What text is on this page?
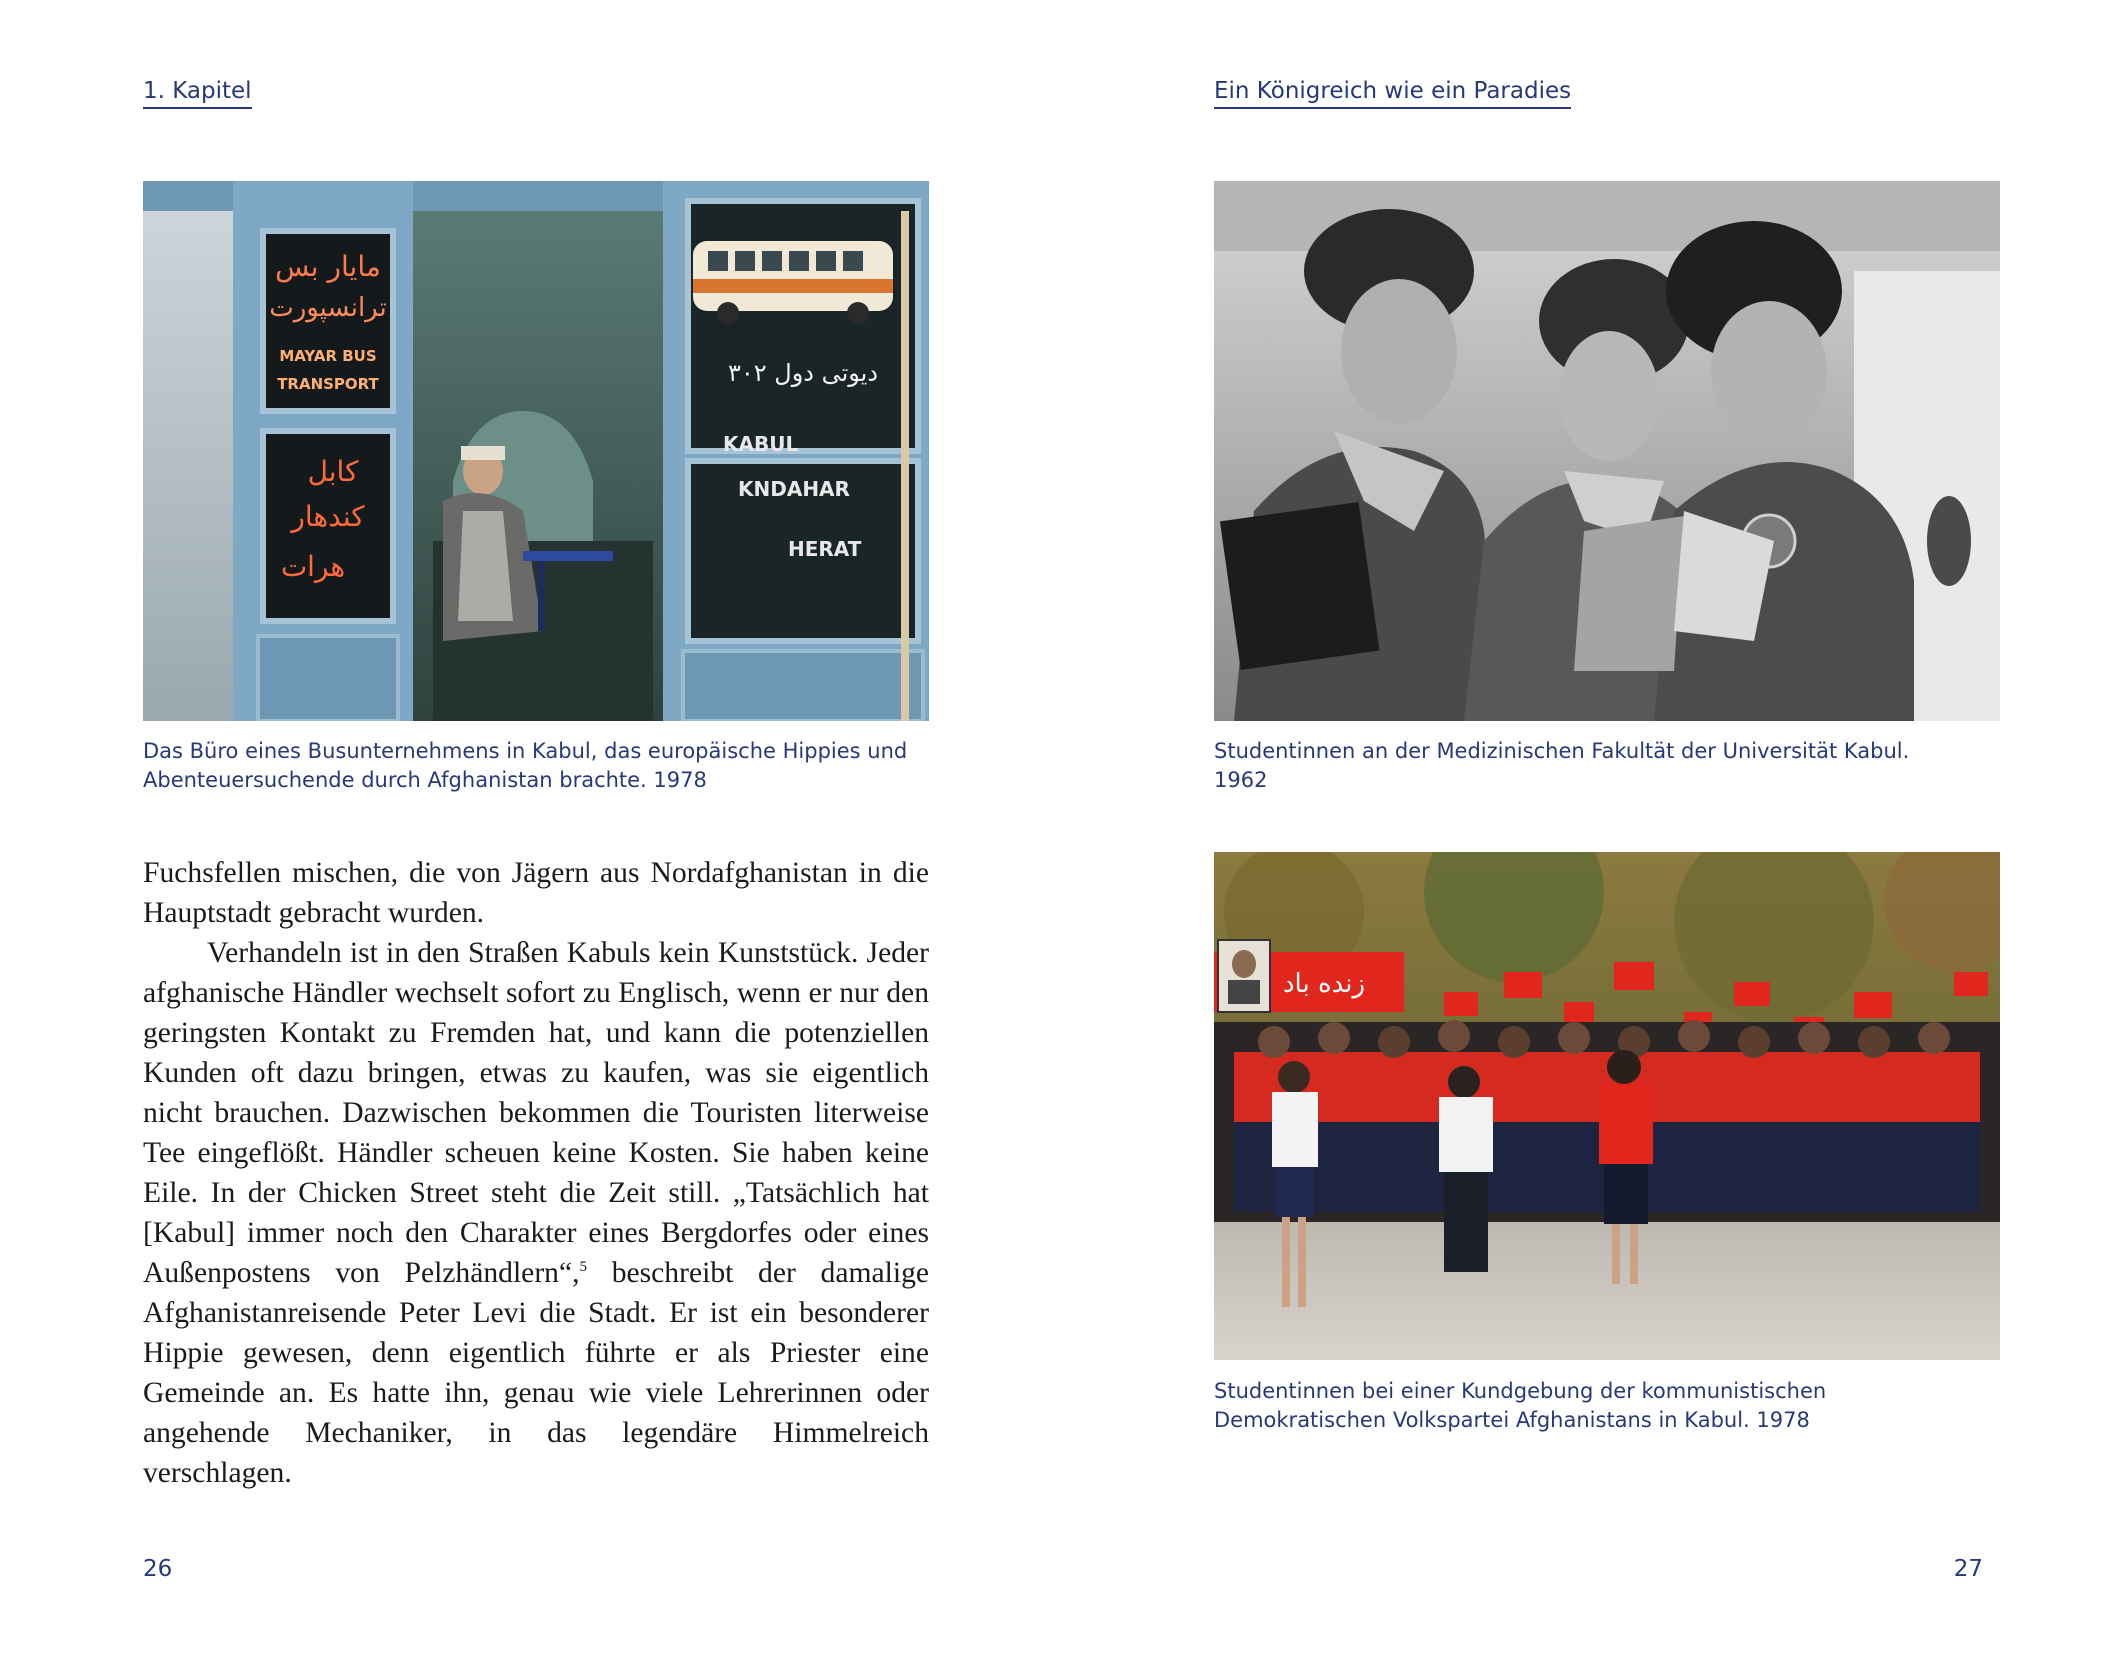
1. Kapitel
مایار بس
ترانسپورت
MAYAR BUS
TRANSPORT
کابل
کندهار
هرات
دیوتی دول ۳۰۲
KABUL
KNDAHAR
HERAT
Das Büro eines Busunternehmens in Kabul, das europäische Hippies und
Abenteuersuchende durch Afghanistan brachte. 1978

Fuchsfellen mischen, die von Jägern aus Nordafghanistan in die Hauptstadt gebracht wurden.

Verhandeln ist in den Straßen Kabuls kein Kunststück. Jeder afghanische Händler wechselt sofort zu Englisch, wenn er nur den geringsten Kontakt zu Fremden hat, und kann die potenziellen Kunden oft dazu bringen, etwas zu kaufen, was sie eigentlich nicht brauchen. Dazwischen bekommen die Touristen literweise Tee eingeflößt. Händler scheuen keine Kosten. Sie haben keine Eile. In der Chicken Street steht die Zeit still. „Tatsächlich hat [Kabul] immer noch den Charakter eines Bergdorfes oder eines Außenpostens von Pelzhändlern“,$^5$ beschreibt der damalige Afghanistanreisende Peter Levi die Stadt. Er ist ein besonderer Hippie gewesen, denn eigentlich führte er als Priester eine Gemeinde an. Es hatte ihn, genau wie viele Lehrerinnen oder angehende Mechaniker, in das legendäre Himmelreich verschlagen.

26
Ein Königreich wie ein Paradies
Studentinnen an der Medizinischen Fakultät der Universität Kabul.
1962
زنده باد
Studentinnen bei einer Kundgebung der kommunistischen
Demokratischen Volkspartei Afghanistans in Kabul. 1978
27
